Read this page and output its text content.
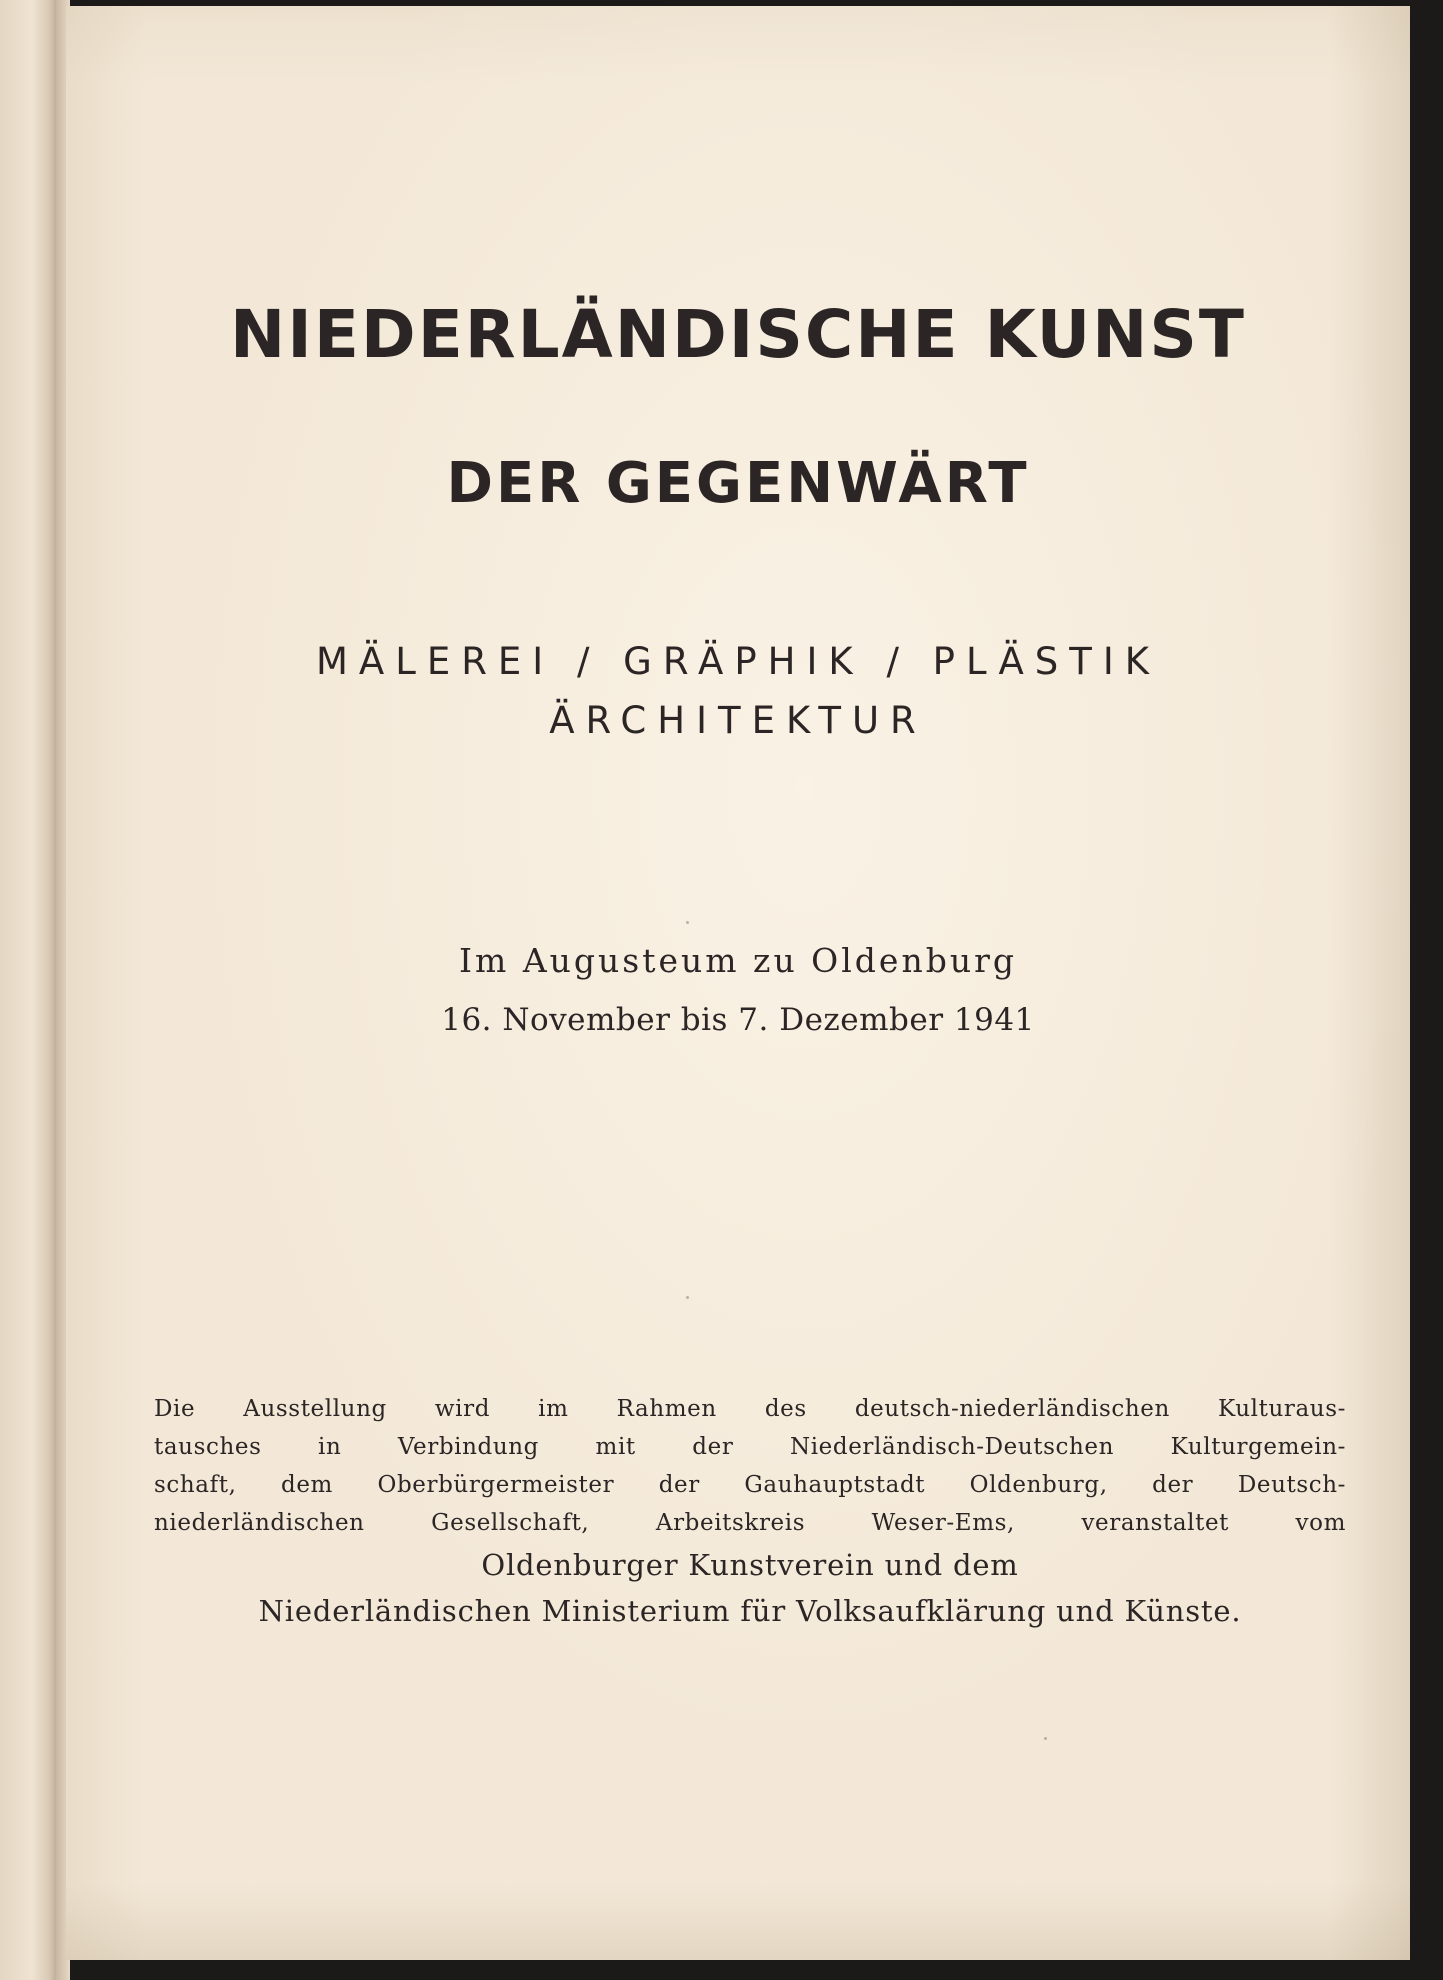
NIEDERLÄNDISCHE KUNST
DER GEGENWÄRT
MÄLEREI / GRÄPHIK / PLÄSTIK
ÄRCHITEKTUR
Im Augusteum zu Oldenburg
16. November bis 7. Dezember 1941
Die Ausstellung wird im Rahmen des deutsch-niederländischen Kulturaus-
tausches in Verbindung mit der Niederländisch-Deutschen Kulturgemein-
schaft, dem Oberbürgermeister der Gauhauptstadt Oldenburg, der Deutsch-
niederländischen Gesellschaft, Arbeitskreis Weser-Ems, veranstaltet vom
Oldenburger Kunstverein und dem
Niederländischen Ministerium für Volksaufklärung und Künste.
